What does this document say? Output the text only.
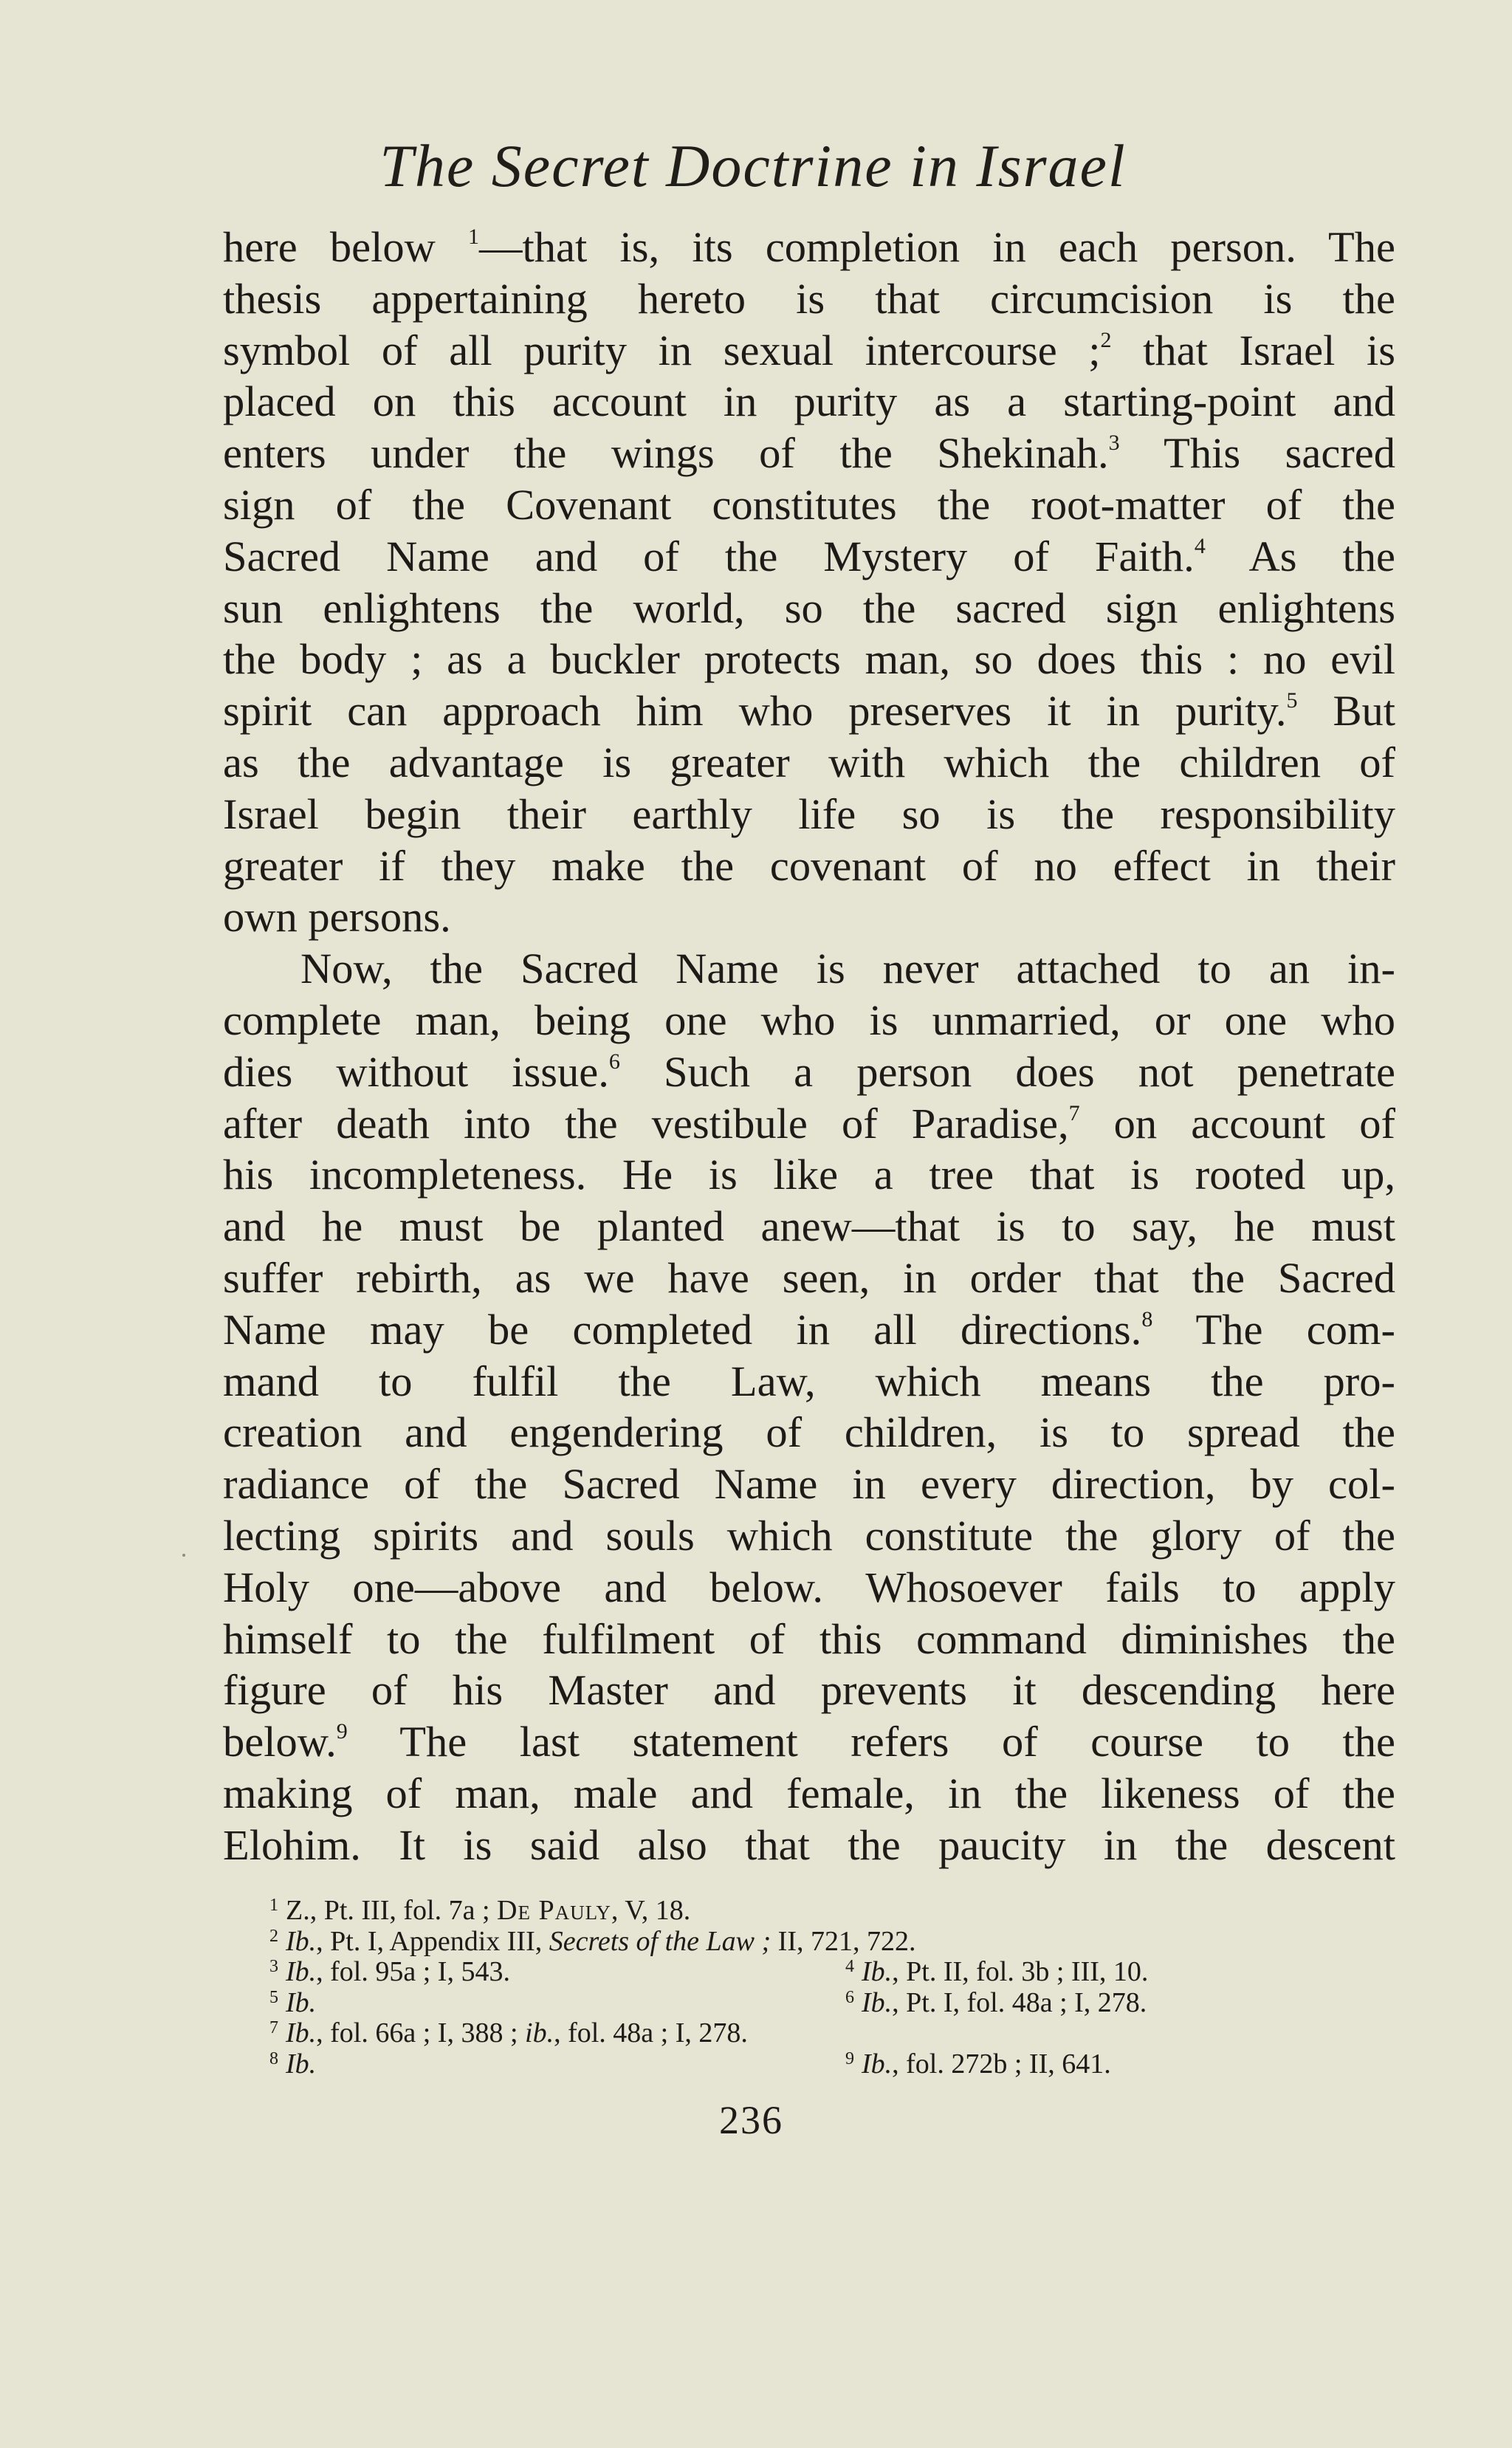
The Secret Doctrine in Israel
here below $^1$—that is, its completion in each person. The
thesis appertaining hereto is that circumcision is the
symbol of all purity in sexual intercourse ;$^2$ that Israel is
placed on this account in purity as a starting-point and
enters under the wings of the Shekinah.$^3$ This sacred
sign of the Covenant constitutes the root-matter of the
Sacred Name and of the Mystery of Faith.$^4$ As the
sun enlightens the world, so the sacred sign enlightens
the body ; as a buckler protects man, so does this : no evil
spirit can approach him who preserves it in purity.$^5$ But
as the advantage is greater with which the children of
Israel begin their earthly life so is the responsibility
greater if they make the covenant of no effect in their
own persons.
Now, the Sacred Name is never attached to an in-
complete man, being one who is unmarried, or one who
dies without issue.$^6$ Such a person does not penetrate
after death into the vestibule of Paradise,$^7$ on account of
his incompleteness. He is like a tree that is rooted up,
and he must be planted anew—that is to say, he must
suffer rebirth, as we have seen, in order that the Sacred
Name may be completed in all directions.$^8$ The com-
mand to fulfil the Law, which means the pro-
creation and engendering of children, is to spread the
radiance of the Sacred Name in every direction, by col-
lecting spirits and souls which constitute the glory of the
Holy one—above and below. Whosoever fails to apply
himself to the fulfilment of this command diminishes the
figure of his Master and prevents it descending here
below.$^9$ The last statement refers of course to the
making of man, male and female, in the likeness of the
Elohim. It is said also that the paucity in the descent
$^1$ Z., Pt. III, fol. 7a ; De Pauly, V, 18.
$^2$ Ib., Pt. I, Appendix III, Secrets of the Law ; II, 721, 722.
$^3$ Ib., fol. 95a ; I, 543.	$^4$ Ib., Pt. II, fol. 3b ; III, 10.
$^5$ Ib.	$^6$ Ib., Pt. I, fol. 48a ; I, 278.
$^7$ Ib., fol. 66a ; I, 388 ; ib., fol. 48a ; I, 278.
$^8$ Ib.	$^9$ Ib., fol. 272b ; II, 641.
236
